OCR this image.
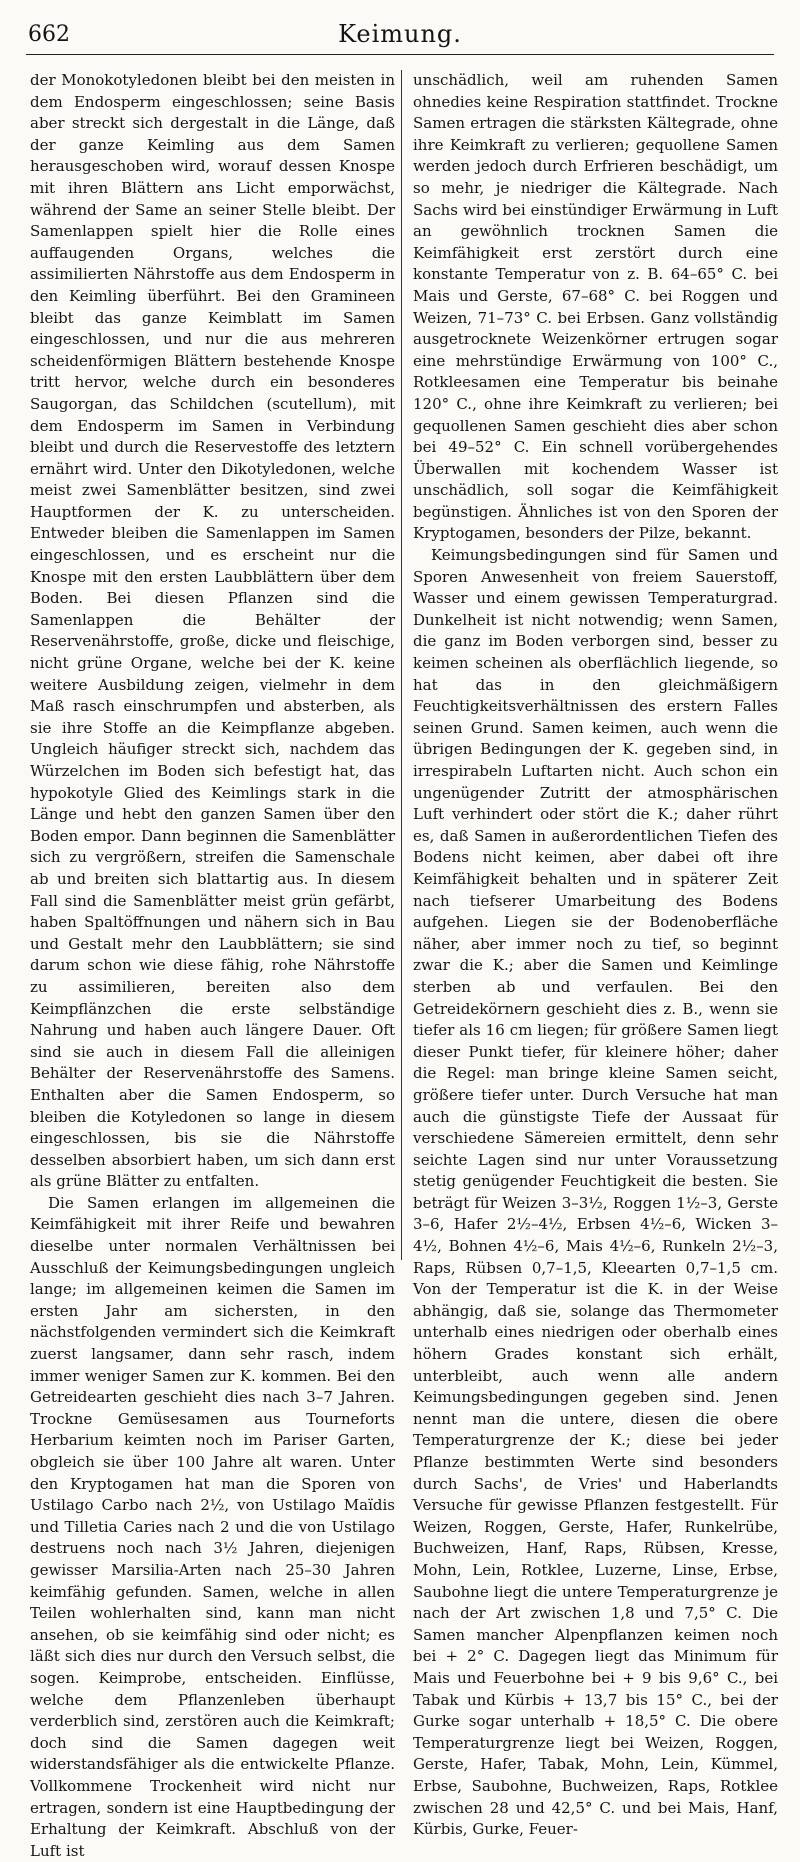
662	Keimung.

der Monokotyledonen bleibt bei den meisten in dem Endosperm eingeschlossen; seine Basis aber streckt sich dergestalt in die Länge, daß der ganze Keimling aus dem Samen herausgeschoben wird, worauf dessen Knospe mit ihren Blättern ans Licht emporwächst, während der Same an seiner Stelle bleibt. Der Samenlappen spielt hier die Rolle eines auffaugenden Organs, welches die assimilierten Nährstoffe aus dem Endosperm in den Keimling überführt. Bei den Gramineen bleibt das ganze Keimblatt im Samen eingeschlossen, und nur die aus mehreren scheidenförmigen Blättern bestehende Knospe tritt hervor, welche durch ein besonderes Saugorgan, das Schildchen (scutellum), mit dem Endosperm im Samen in Verbindung bleibt und durch die Reservestoffe des letztern ernährt wird. Unter den Dikotyledonen, welche meist zwei Samenblätter besitzen, sind zwei Hauptformen der K. zu unterscheiden. Entweder bleiben die Samenlappen im Samen eingeschlossen, und es erscheint nur die Knospe mit den ersten Laubblättern über dem Boden. Bei diesen Pflanzen sind die Samenlappen die Behälter der Reservenährstoffe, große, dicke und fleischige, nicht grüne Organe, welche bei der K. keine weitere Ausbildung zeigen, vielmehr in dem Maß rasch einschrumpfen und absterben, als sie ihre Stoffe an die Keimpflanze abgeben. Ungleich häufiger streckt sich, nachdem das Würzelchen im Boden sich befestigt hat, das hypokotyle Glied des Keimlings stark in die Länge und hebt den ganzen Samen über den Boden empor. Dann beginnen die Samenblätter sich zu vergrößern, streifen die Samenschale ab und breiten sich blattartig aus. In diesem Fall sind die Samenblätter meist grün gefärbt, haben Spaltöffnungen und nähern sich in Bau und Gestalt mehr den Laubblättern; sie sind darum schon wie diese fähig, rohe Nährstoffe zu assimilieren, bereiten also dem Keimpflänzchen die erste selbständige Nahrung und haben auch längere Dauer. Oft sind sie auch in diesem Fall die alleinigen Behälter der Reservenährstoffe des Samens. Enthalten aber die Samen Endosperm, so bleiben die Kotyledonen so lange in diesem eingeschlossen, bis sie die Nährstoffe desselben absorbiert haben, um sich dann erst als grüne Blätter zu entfalten.

Die Samen erlangen im allgemeinen die Keimfähigkeit mit ihrer Reife und bewahren dieselbe unter normalen Verhältnissen bei Ausschluß der Keimungsbedingungen ungleich lange; im allgemeinen keimen die Samen im ersten Jahr am sichersten, in den nächstfolgenden vermindert sich die Keimkraft zuerst langsamer, dann sehr rasch, indem immer weniger Samen zur K. kommen. Bei den Getreidearten geschieht dies nach 3–7 Jahren. Trockne Gemüsesamen aus Tourneforts Herbarium keimten noch im Pariser Garten, obgleich sie über 100 Jahre alt waren. Unter den Kryptogamen hat man die Sporen von Ustilago Carbo nach 2½, von Ustilago Maïdis und Tilletia Caries nach 2 und die von Ustilago destruens noch nach 3½ Jahren, diejenigen gewisser Marsilia-Arten nach 25–30 Jahren keimfähig gefunden. Samen, welche in allen Teilen wohlerhalten sind, kann man nicht ansehen, ob sie keimfähig sind oder nicht; es läßt sich dies nur durch den Versuch selbst, die sogen. Keimprobe, entscheiden. Einflüsse, welche dem Pflanzenleben überhaupt verderblich sind, zerstören auch die Keimkraft; doch sind die Samen dagegen weit widerstandsfähiger als die entwickelte Pflanze. Vollkommene Trockenheit wird nicht nur ertragen, sondern ist eine Hauptbedingung der Erhaltung der Keimkraft. Abschluß von der Luft ist

unschädlich, weil am ruhenden Samen ohnedies keine Respiration stattfindet. Trockne Samen ertragen die stärksten Kältegrade, ohne ihre Keimkraft zu verlieren; gequollene Samen werden jedoch durch Erfrieren beschädigt, um so mehr, je niedriger die Kältegrade. Nach Sachs wird bei einstündiger Erwärmung in Luft an gewöhnlich trocknen Samen die Keimfähigkeit erst zerstört durch eine konstante Temperatur von z. B. 64–65° C. bei Mais und Gerste, 67–68° C. bei Roggen und Weizen, 71–73° C. bei Erbsen. Ganz vollständig ausgetrocknete Weizenkörner ertrugen sogar eine mehrstündige Erwärmung von 100° C., Rotkleesamen eine Temperatur bis beinahe 120° C., ohne ihre Keimkraft zu verlieren; bei gequollenen Samen geschieht dies aber schon bei 49–52° C. Ein schnell vorübergehendes Überwallen mit kochendem Wasser ist unschädlich, soll sogar die Keimfähigkeit begünstigen. Ähnliches ist von den Sporen der Kryptogamen, besonders der Pilze, bekannt.

Keimungsbedingungen sind für Samen und Sporen Anwesenheit von freiem Sauerstoff, Wasser und einem gewissen Temperaturgrad. Dunkelheit ist nicht notwendig; wenn Samen, die ganz im Boden verborgen sind, besser zu keimen scheinen als oberflächlich liegende, so hat das in den gleichmäßigern Feuchtigkeitsverhältnissen des erstern Falles seinen Grund. Samen keimen, auch wenn die übrigen Bedingungen der K. gegeben sind, in irrespirabeln Luftarten nicht. Auch schon ein ungenügender Zutritt der atmosphärischen Luft verhindert oder stört die K.; daher rührt es, daß Samen in außerordentlichen Tiefen des Bodens nicht keimen, aber dabei oft ihre Keimfähigkeit behalten und in späterer Zeit nach tiefserer Umarbeitung des Bodens aufgehen. Liegen sie der Bodenoberfläche näher, aber immer noch zu tief, so beginnt zwar die K.; aber die Samen und Keimlinge sterben ab und verfaulen. Bei den Getreidekörnern geschieht dies z. B., wenn sie tiefer als 16 cm liegen; für größere Samen liegt dieser Punkt tiefer, für kleinere höher; daher die Regel: man bringe kleine Samen seicht, größere tiefer unter. Durch Versuche hat man auch die günstigste Tiefe der Aussaat für verschiedene Sämereien ermittelt, denn sehr seichte Lagen sind nur unter Voraussetzung stetig genügender Feuchtigkeit die besten. Sie beträgt für Weizen 3–3½, Roggen 1½–3, Gerste 3–6, Hafer 2½–4½, Erbsen 4½–6, Wicken 3–4½, Bohnen 4½–6, Mais 4½–6, Runkeln 2½–3, Raps, Rübsen 0,7–1,5, Kleearten 0,7–1,5 cm. Von der Temperatur ist die K. in der Weise abhängig, daß sie, solange das Thermometer unterhalb eines niedrigen oder oberhalb eines höhern Grades konstant sich erhält, unterbleibt, auch wenn alle andern Keimungsbedingungen gegeben sind. Jenen nennt man die untere, diesen die obere Temperaturgrenze der K.; diese bei jeder Pflanze bestimmten Werte sind besonders durch Sachs', de Vries' und Haberlandts Versuche für gewisse Pflanzen festgestellt. Für Weizen, Roggen, Gerste, Hafer, Runkelrübe, Buchweizen, Hanf, Raps, Rübsen, Kresse, Mohn, Lein, Rotklee, Luzerne, Linse, Erbse, Saubohne liegt die untere Temperaturgrenze je nach der Art zwischen 1,8 und 7,5° C. Die Samen mancher Alpenpflanzen keimen noch bei + 2° C. Dagegen liegt das Minimum für Mais und Feuerbohne bei + 9 bis 9,6° C., bei Tabak und Kürbis + 13,7 bis 15° C., bei der Gurke sogar unterhalb + 18,5° C. Die obere Temperaturgrenze liegt bei Weizen, Roggen, Gerste, Hafer, Tabak, Mohn, Lein, Kümmel, Erbse, Saubohne, Buchweizen, Raps, Rotklee zwischen 28 und 42,5° C. und bei Mais, Hanf, Kürbis, Gurke, Feuer-
